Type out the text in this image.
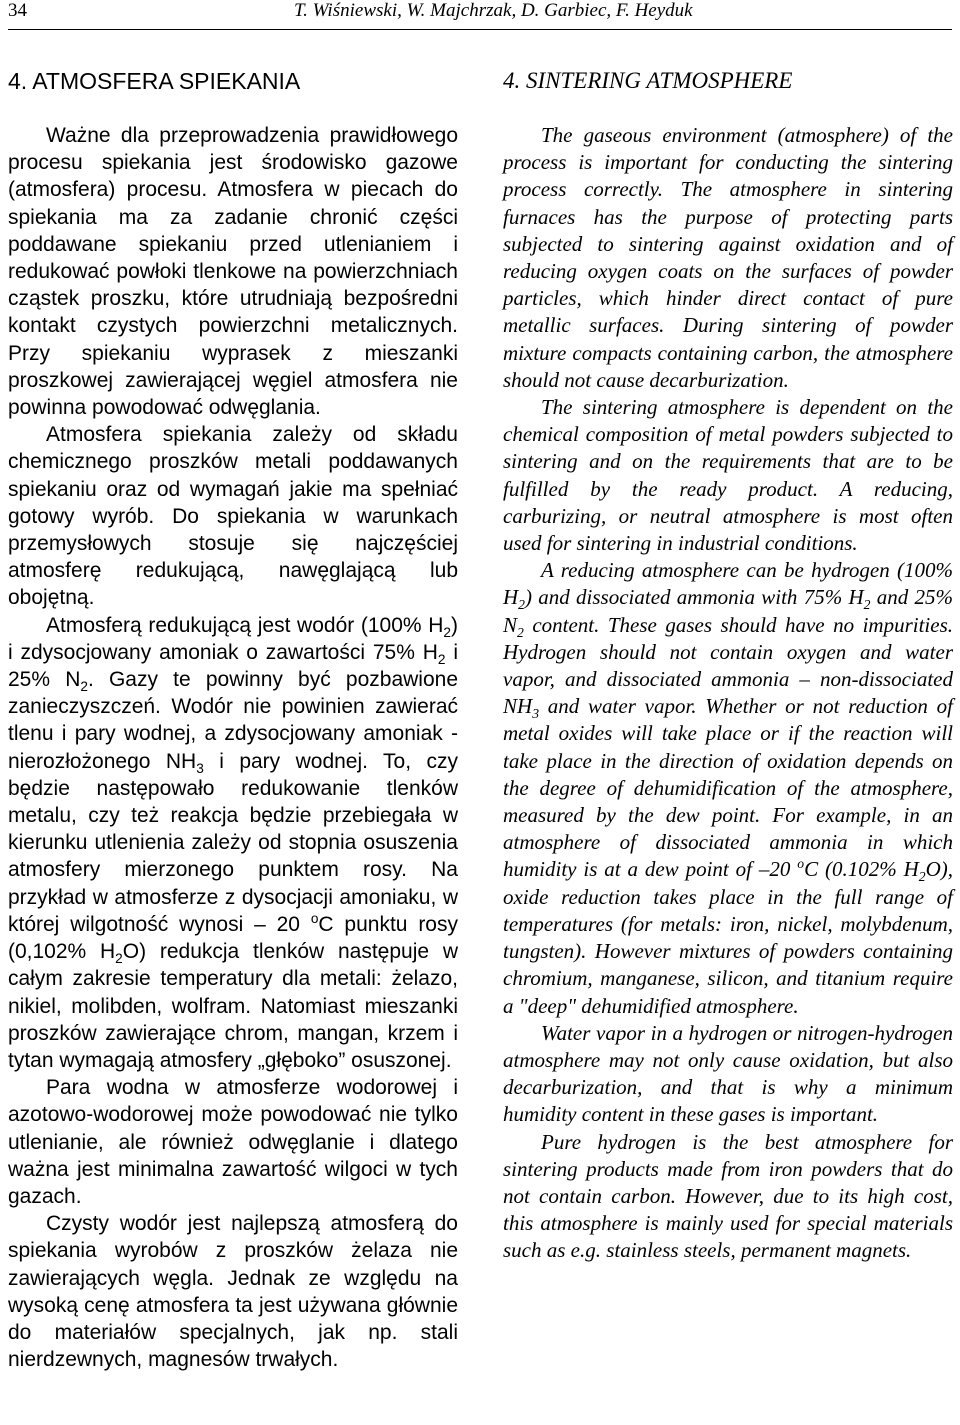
34	T. Wiśniewski, W. Majchrzak, D. Garbiec, F. Heyduk
4. ATMOSFERA SPIEKANIA

Ważne dla przeprowadzenia prawidłowego procesu spiekania jest środowisko gazowe (atmosfera) procesu. Atmosfera w piecach do spiekania ma za zadanie chronić części poddawane spiekaniu przed utlenianiem i redukować powłoki tlenkowe na powierzchniach cząstek proszku, które utrudniają bezpośredni kontakt czystych powierzchni metalicznych. Przy spiekaniu wyprasek z mieszanki proszkowej zawierającej węgiel atmosfera nie powinna powodować odwęglania.

Atmosfera spiekania zależy od składu chemicznego proszków metali poddawanych spiekaniu oraz od wymagań jakie ma spełniać gotowy wyrób. Do spiekania w warunkach przemysłowych stosuje się najczęściej atmosferę redukującą, nawęglającą lub obojętną.

Atmosferą redukującą jest wodór (100% $H_2$) i zdysocjowany amoniak o zawartości 75% $H_2$ i 25% $N_2$. Gazy te powinny być pozbawione zanieczyszczeń. Wodór nie powinien zawierać tlenu i pary wodnej, a zdysocjowany amoniak - nierozłożonego $NH_3$ i pary wodnej. To, czy będzie następowało redukowanie tlenków metalu, czy też reakcja będzie przebiegała w kierunku utlenienia zależy od stopnia osuszenia atmosfery mierzonego punktem rosy. Na przykład w atmosferze z dysocjacji amoniaku, w której wilgotność wynosi – 20 $^o$C punktu rosy (0,102% $H_2O$) redukcja tlenków następuje w całym zakresie temperatury dla metali: żelazo, nikiel, molibden, wolfram. Natomiast mieszanki proszków zawierające chrom, mangan, krzem i tytan wymagają atmosfery „głęboko” osuszonej.

Para wodna w atmosferze wodorowej i azotowo-wodorowej może powodować nie tylko utlenianie, ale również odwęglanie i dlatego ważna jest minimalna zawartość wilgoci w tych gazach.

Czysty wodór jest najlepszą atmosferą do spiekania wyrobów z proszków żelaza nie zawierających węgla. Jednak ze względu na wysoką cenę atmosfera ta jest używana głównie do materiałów specjalnych, jak np. stali nierdzewnych, magnesów trwałych.

4. SINTERING ATMOSPHERE

The gaseous environment (atmosphere) of the process is important for conducting the sintering process correctly. The atmosphere in sintering furnaces has the purpose of protecting parts subjected to sintering against oxidation and of reducing oxygen coats on the surfaces of powder particles, which hinder direct contact of pure metallic surfaces. During sintering of powder mixture compacts containing carbon, the atmosphere should not cause decarburization.

The sintering atmosphere is dependent on the chemical composition of metal powders subjected to sintering and on the requirements that are to be fulfilled by the ready product. A reducing, carburizing, or neutral atmosphere is most often used for sintering in industrial conditions.

A reducing atmosphere can be hydrogen (100% $H_2$) and dissociated ammonia with 75% $H_2$ and 25% $N_2$ content. These gases should have no impurities. Hydrogen should not contain oxygen and water vapor, and dissociated ammonia – non-dissociated $NH_3$ and water vapor. Whether or not reduction of metal oxides will take place or if the reaction will take place in the direction of oxidation depends on the degree of dehumidification of the atmosphere, measured by the dew point. For example, in an atmosphere of dissociated ammonia in which humidity is at a dew point of –20 $^o$C (0.102% $H_2O$), oxide reduction takes place in the full range of temperatures (for metals: iron, nickel, molybdenum, tungsten). However mixtures of powders containing chromium, manganese, silicon, and titanium require a "deep" dehumidified atmosphere.

Water vapor in a hydrogen or nitrogen-hydrogen atmosphere may not only cause oxidation, but also decarburization, and that is why a minimum humidity content in these gases is important.

Pure hydrogen is the best atmosphere for sintering products made from iron powders that do not contain carbon. However, due to its high cost, this atmosphere is mainly used for special materials such as e.g. stainless steels, permanent magnets.
